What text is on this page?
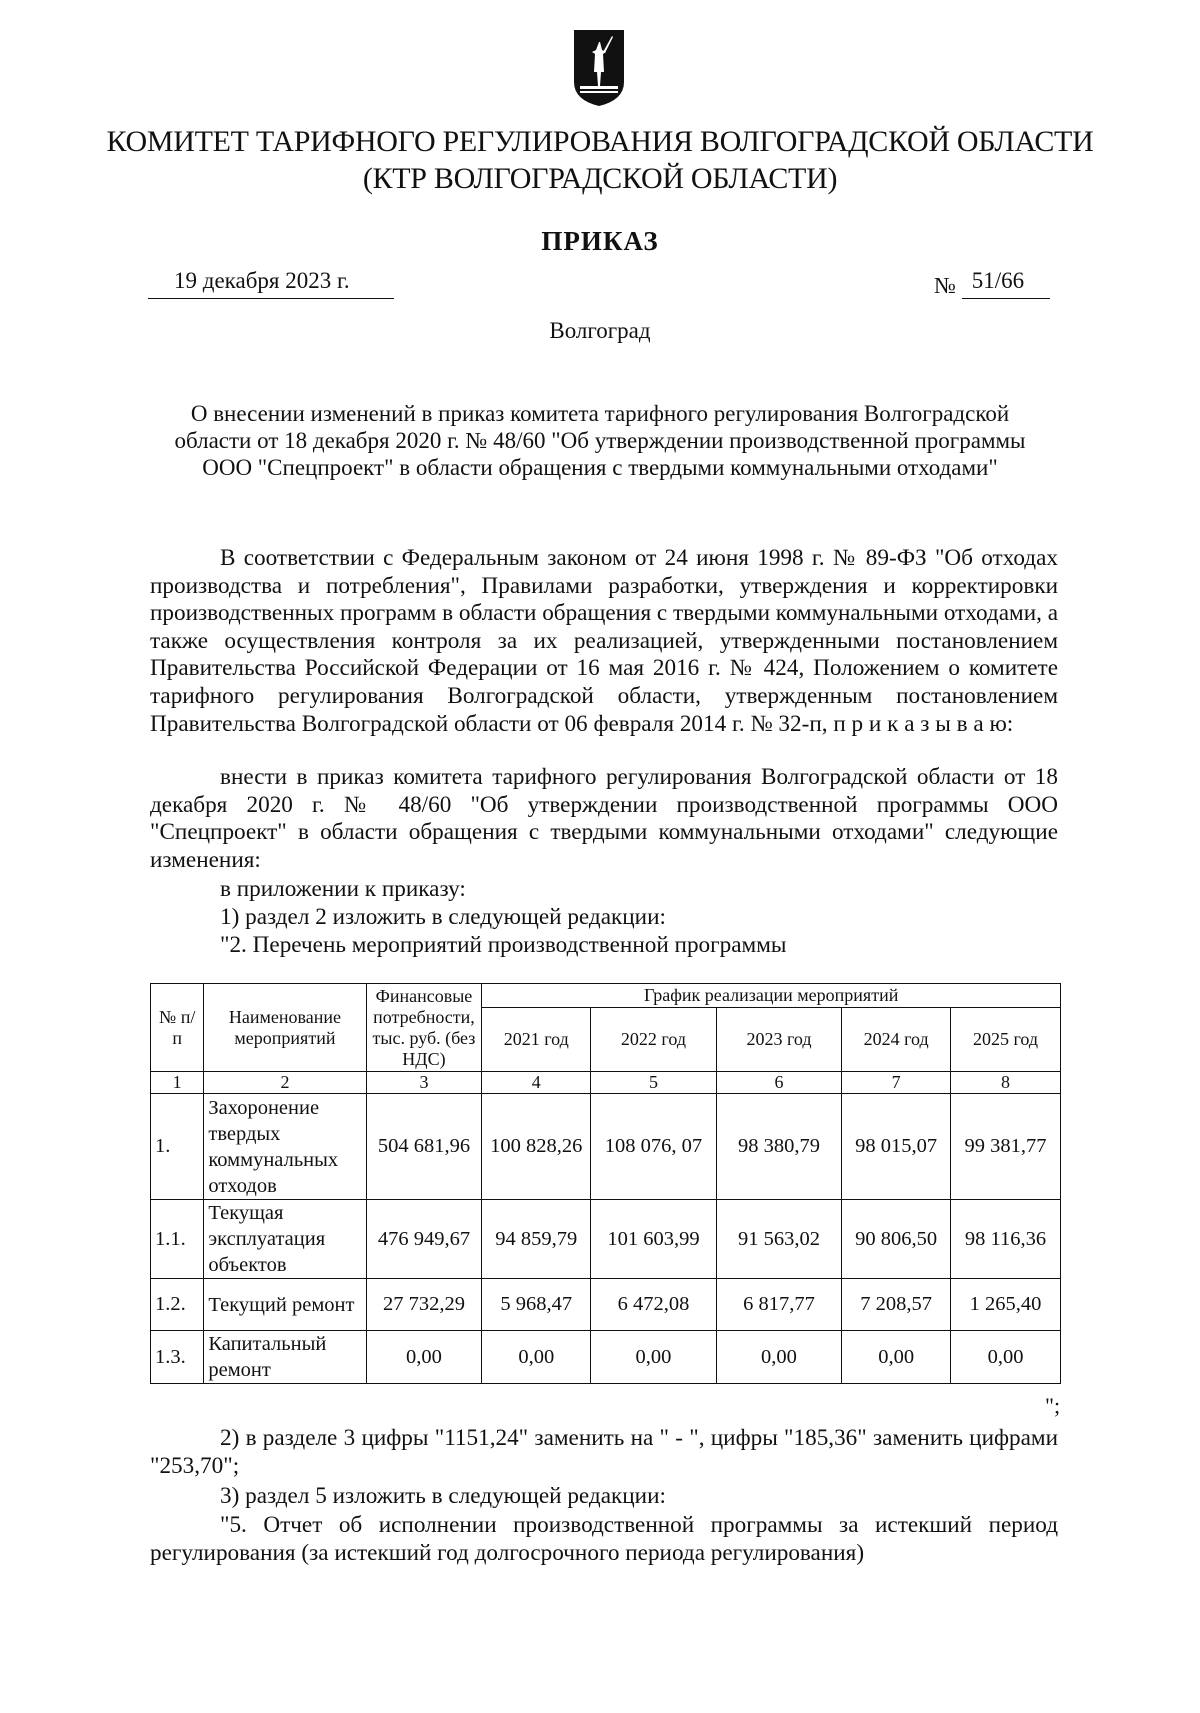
КОМИТЕТ ТАРИФНОГО РЕГУЛИРОВАНИЯ ВОЛГОГРАДСКОЙ ОБЛАСТИ
(КТР ВОЛГОГРАДСКОЙ ОБЛАСТИ)
ПРИКАЗ
19 декабря 2023 г.	№ 51/66
Волгоград
О внесении изменений в приказ комитета тарифного регулирования Волгоградской области от 18 декабря 2020 г. № 48/60 "Об утверждении производственной программы ООО "Спецпроект" в области обращения с твердыми коммунальными отходами"
В соответствии с Федеральным законом от 24 июня 1998 г. № 89-ФЗ "Об отходах производства и потребления", Правилами разработки, утверждения и корректировки производственных программ в области обращения с твердыми коммунальными отходами, а также осуществления контроля за их реализацией, утвержденными постановлением Правительства Российской Федерации от 16 мая 2016 г. № 424, Положением о комитете тарифного регулирования Волгоградской области, утвержденным постановлением Правительства Волгоградской области от 06 февраля 2014 г. № 32-п, п р и к а з ы в а ю:
внести в приказ комитета тарифного регулирования Волгоградской области от 18 декабря 2020 г. № 48/60 "Об утверждении производственной программы ООО "Спецпроект" в области обращения с твердыми коммунальными отходами" следующие изменения:
в приложении к приказу:
1) раздел 2 изложить в следующей редакции:
"2. Перечень мероприятий производственной программы
№ п/п	Наименование мероприятий	Финансовые потребности, тыс. руб. (без НДС)	График реализации мероприятий				
			2021 год	2022 год	2023 год	2024 год	2025 год
1	2	3	4	5	6	7	8
1.	Захоронение твердых коммунальных отходов	504 681,96	100 828,26	108 076, 07	98 380,79	98 015,07	99 381,77
1.1.	Текущая эксплуатация объектов	476 949,67	94 859,79	101 603,99	91 563,02	90 806,50	98 116,36
1.2.	Текущий ремонт	27 732,29	5 968,47	6 472,08	6 817,77	7 208,57	1 265,40
1.3.	Капитальный ремонт	0,00	0,00	0,00	0,00	0,00	0,00
";
2) в разделе 3 цифры "1151,24" заменить на " - ", цифры "185,36" заменить цифрами "253,70";
3) раздел 5 изложить в следующей редакции:
"5. Отчет об исполнении производственной программы за истекший период регулирования (за истекший год долгосрочного периода регулирования)
